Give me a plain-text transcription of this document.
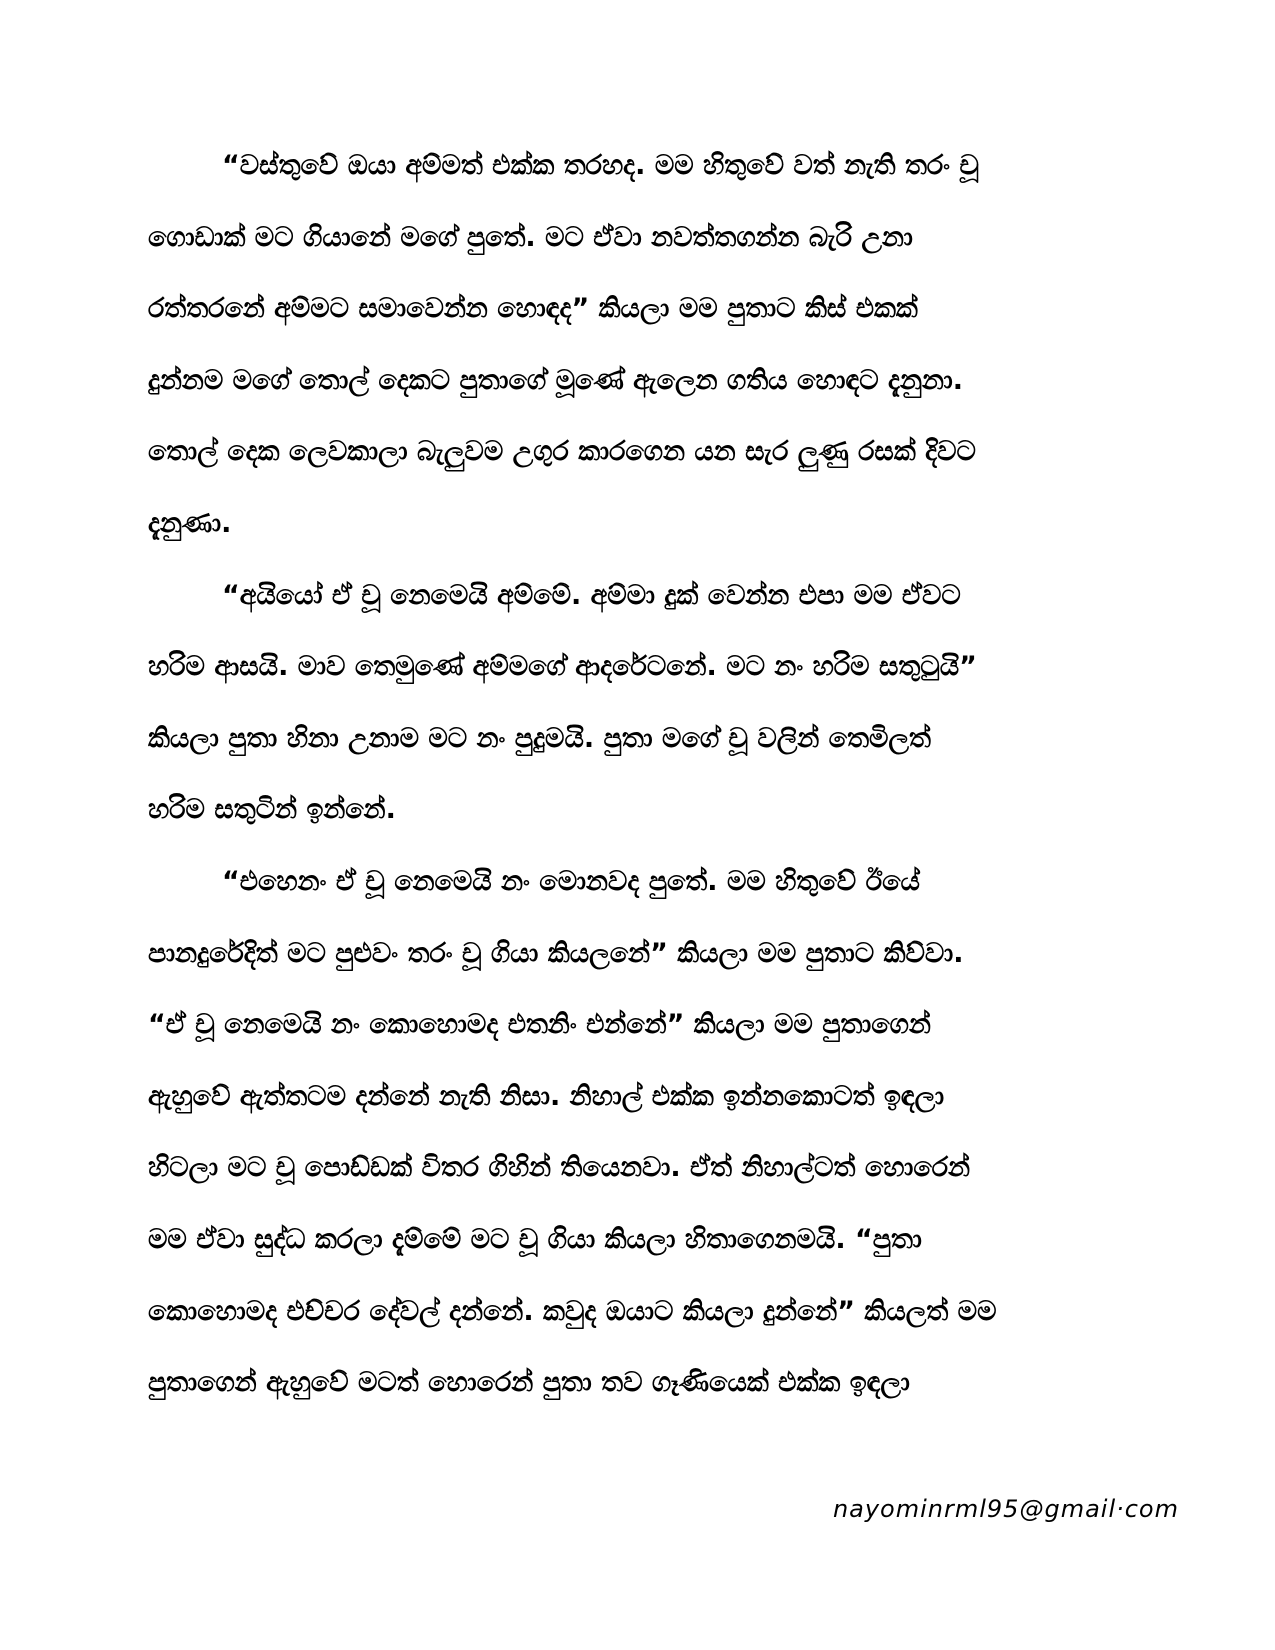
“වස්තුවේ ඔයා අම්මත් එක්ක තරහද. මම හිතුවේ වත් නැති තරං චූ
ගොඩාක් මට ගියානේ මගේ පුතේ. මට ඒවා නවත්තගන්න බැරි උනා
රත්තරනේ අම්මට සමාවෙන්න හොඳද” කියලා මම පුතාට කිස් එකක්
දුන්නම මගේ තොල් දෙකට පුතාගේ මූණේ ඇලෙන ගතිය හොඳට දැනුනා.
තොල් දෙක ලෙවකාලා බැලුවම උගුර කාරගෙන යන සැර ලුණු රසක් දිවට
දැනුණා.
“අයියෝ ඒ චූ නෙමෙයි අම්මේ. අම්මා දුක් වෙන්න එපා මම ඒවට
හරිම ආසයි. මාව තෙමුණේ අම්මගේ ආදරේටනේ. මට නං හරිම සතුටුයි”
කියලා පුතා හිනා උනාම මට නං පුදුමයි. පුතා මගේ චූ වලින් තෙමිලත්
හරිම සතුටින් ඉන්නේ.
“එහෙනං ඒ චූ නෙමෙයි නං මොනවද පුතේ. මම හිතුවේ ඊයේ
පානදුරේදිත් මට පුළුවං තරං චූ ගියා කියලනේ” කියලා මම පුතාට කිව්වා.
“ඒ චූ නෙමෙයි නං කොහොමද එතනිං එන්නේ” කියලා මම පුතාගෙන්
ඇහුවේ ඇත්තටම දන්නේ නැති නිසා. නිහාල් එක්ක ඉන්නකොටත් ඉඳලා
හිටලා මට චූ පොඩ්ඩක් විතර ගිහින් තියෙනවා. ඒත් නිහාල්ටත් හොරෙන්
මම ඒවා සුද්ධ කරලා දැම්මේ මට චූ ගියා කියලා හිතාගෙනමයි. “පුතා
කොහොමද එච්චර දේවල් දන්නේ. කවුද ඔයාට කියලා දුන්නේ” කියලත් මම
පුතාගෙන් ඇහුවේ මටත් හොරෙන් පුතා තව ගෑණියෙක් එක්ක ඉඳලා
nayominrml95@gmail·com
